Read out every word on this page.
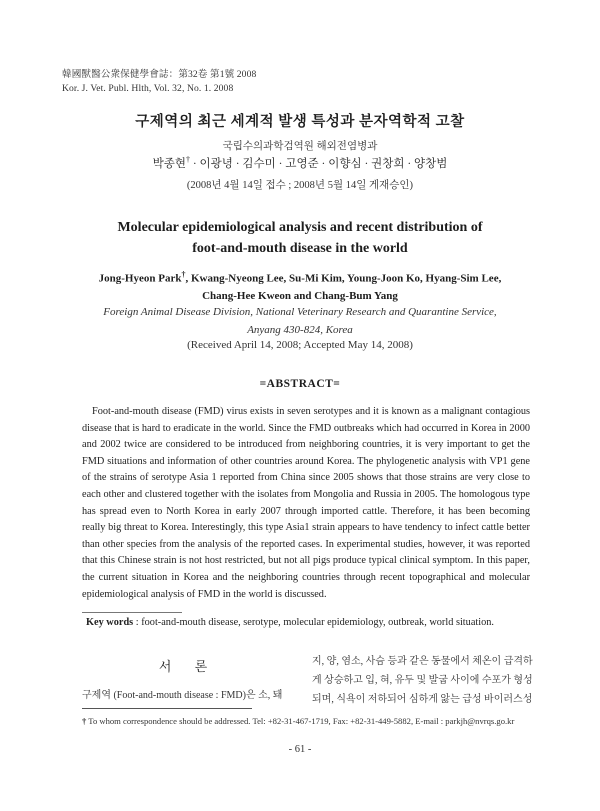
韓國獸醫公衆保健學會誌：第32卷 第1號 2008
Kor. J. Vet. Publ. Hlth, Vol. 32, No. 1. 2008
구제역의 최근 세계적 발생 특성과 분자역학적 고찰
국립수의과학검역원 해외전염병과
박종현† · 이광녕 · 김수미 · 고영준 · 이향심 · 권창희 · 양창범
(2008년 4월 14일 접수 ; 2008년 5월 14일 게재승인)
Molecular epidemiological analysis and recent distribution of
foot-and-mouth disease in the world
Jong-Hyeon Park†, Kwang-Nyeong Lee, Su-Mi Kim, Young-Joon Ko, Hyang-Sim Lee,
Chang-Hee Kweon and Chang-Bum Yang
Foreign Animal Disease Division, National Veterinary Research and Quarantine Service,
Anyang 430-824, Korea
(Received April 14, 2008; Accepted May 14, 2008)
=ABSTRACT=

Foot-and-mouth disease (FMD) virus exists in seven serotypes and it is known as a malignant contagious disease that is hard to eradicate in the world. Since the FMD outbreaks which had occurred in Korea in 2000 and 2002 twice are considered to be introduced from neighboring countries, it is very important to get the FMD situations and information of other countries around Korea. The phylogenetic analysis with VP1 gene of the strains of serotype Asia 1 reported from China since 2005 shows that those strains are very close to each other and clustered together with the isolates from Mongolia and Russia in 2005. The homologous type has spread even to North Korea in early 2007 through imported cattle. Therefore, it has been becoming really big threat to Korea. Interestingly, this type Asia1 strain appears to have tendency to infect cattle better than other species from the analysis of the reported cases. In experimental studies, however, it was reported that this Chinese strain is not host restricted, but not all pigs produce typical clinical symptom. In this paper, the current situation in Korea and the neighboring countries through recent topographical and molecular epidemiological analysis of FMD in the world is discussed.

Key words : foot-and-mouth disease, serotype, molecular epidemiology, outbreak, world situation.
서 론
구제역 (Foot-and-mouth disease : FMD)은 소, 돼
지, 양, 염소, 사슴 등과 같은 동물에서 체온이 급격하
게 상승하고 입, 혀, 유두 및 발굽 사이에 수포가 형성
되며, 식욕이 저하되어 심하게 앓는 급성 바이러스성
† To whom correspondence should be addressed. Tel: +82-31-467-1719, Fax: +82-31-449-5882, E-mail : parkjh@nvrqs.go.kr
- 61 -
